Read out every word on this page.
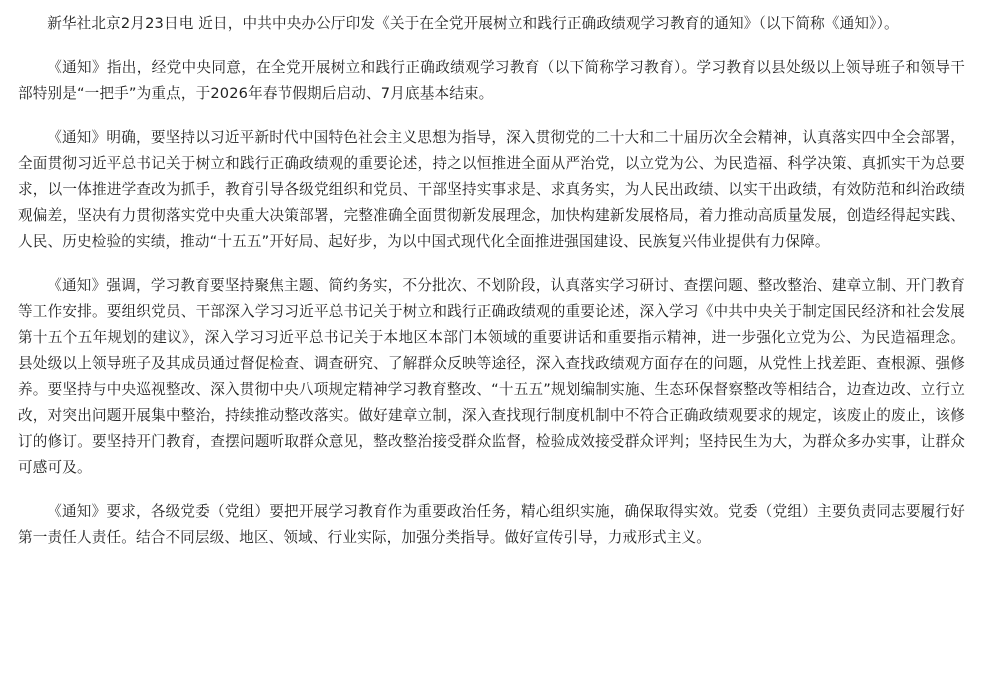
新华社北京2月23日电 近日，中共中央办公厅印发《关于在全党开展树立和践行正确政绩观学习教育的通知》（以下简称《通知》）。

《通知》指出，经党中央同意，在全党开展树立和践行正确政绩观学习教育（以下简称学习教育）。学习教育以县处级以上领导班子和领导干部特别是“一把手”为重点，于2026年春节假期后启动、7月底基本结束。

《通知》明确，要坚持以习近平新时代中国特色社会主义思想为指导，深入贯彻党的二十大和二十届历次全会精神，认真落实四中全会部署，全面贯彻习近平总书记关于树立和践行正确政绩观的重要论述，持之以恒推进全面从严治党，以立党为公、为民造福、科学决策、真抓实干为总要求，以一体推进学查改为抓手，教育引导各级党组织和党员、干部坚持实事求是、求真务实，为人民出政绩、以实干出政绩，有效防范和纠治政绩观偏差，坚决有力贯彻落实党中央重大决策部署，完整准确全面贯彻新发展理念，加快构建新发展格局，着力推动高质量发展，创造经得起实践、人民、历史检验的实绩，推动“十五五”开好局、起好步，为以中国式现代化全面推进强国建设、民族复兴伟业提供有力保障。

《通知》强调，学习教育要坚持聚焦主题、简约务实，不分批次、不划阶段，认真落实学习研讨、查摆问题、整改整治、建章立制、开门教育等工作安排。要组织党员、干部深入学习习近平总书记关于树立和践行正确政绩观的重要论述，深入学习《中共中央关于制定国民经济和社会发展第十五个五年规划的建议》，深入学习习近平总书记关于本地区本部门本领域的重要讲话和重要指示精神，进一步强化立党为公、为民造福理念。县处级以上领导班子及其成员通过督促检查、调查研究、了解群众反映等途径，深入查找政绩观方面存在的问题，从党性上找差距、查根源、强修养。要坚持与中央巡视整改、深入贯彻中央八项规定精神学习教育整改、“十五五”规划编制实施、生态环保督察整改等相结合，边查边改、立行立改，对突出问题开展集中整治，持续推动整改落实。做好建章立制，深入查找现行制度机制中不符合正确政绩观要求的规定，该废止的废止，该修订的修订。要坚持开门教育，查摆问题听取群众意见，整改整治接受群众监督，检验成效接受群众评判；坚持民生为大，为群众多办实事，让群众可感可及。

《通知》要求，各级党委（党组）要把开展学习教育作为重要政治任务，精心组织实施，确保取得实效。党委（党组）主要负责同志要履行好第一责任人责任。结合不同层级、地区、领域、行业实际，加强分类指导。做好宣传引导，力戒形式主义。
